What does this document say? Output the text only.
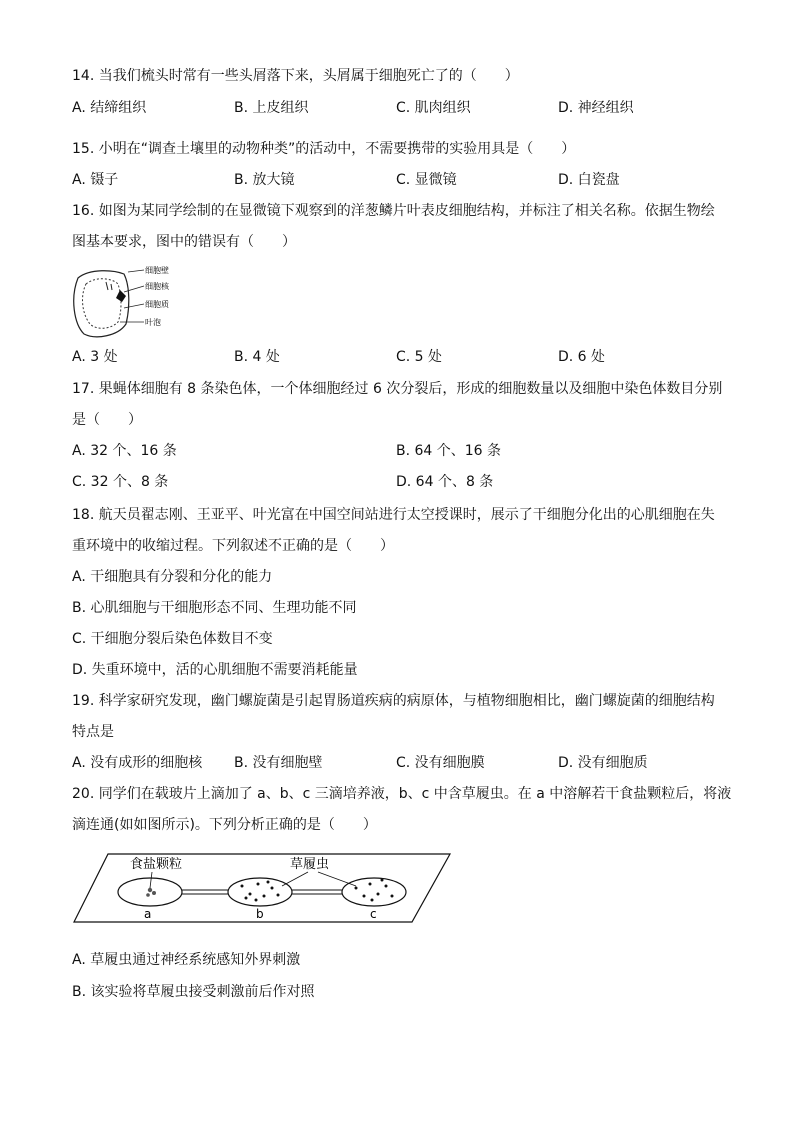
14. 当我们梳头时常有一些头屑落下来，头屑属于细胞死亡了的（　　）
A. 结缔组织	B. 上皮组织	C. 肌肉组织	D. 神经组织
15. 小明在“调查土壤里的动物种类”的活动中，不需要携带的实验用具是（　　）
A. 镊子	B. 放大镜	C. 显微镜	D. 白瓷盘
16. 如图为某同学绘制的在显微镜下观察到的洋葱鳞片叶表皮细胞结构，并标注了相关名称。依据生物绘
图基本要求，图中的错误有（　　）
细胞壁
细胞核
细胞质
叶泡
A. 3 处	B. 4 处	C. 5 处	D. 6 处
17. 果蝇体细胞有 8 条染色体，一个体细胞经过 6 次分裂后，形成的细胞数量以及细胞中染色体数目分别
是（　　）
A. 32 个、16 条	B. 64 个、16 条
C. 32 个、8 条	D. 64 个、8 条
18. 航天员翟志刚、王亚平、叶光富在中国空间站进行太空授课时，展示了干细胞分化出的心肌细胞在失
重环境中的收缩过程。下列叙述不正确的是（　　）
A. 干细胞具有分裂和分化的能力
B. 心肌细胞与干细胞形态不同、生理功能不同
C. 干细胞分裂后染色体数目不变
D. 失重环境中，活的心肌细胞不需要消耗能量
19. 科学家研究发现，幽门螺旋菌是引起胃肠道疾病的病原体，与植物细胞相比，幽门螺旋菌的细胞结构
特点是
A. 没有成形的细胞核 B. 没有细胞壁	C. 没有细胞膜	D. 没有细胞质
20. 同学们在载玻片上滴加了 a、b、c 三滴培养液，b、c 中含草履虫。在 a 中溶解若干食盐颗粒后，将液
滴连通(如如图所示)。下列分析正确的是（　　）
食盐颗粒	草履虫
a	b	c
A. 草履虫通过神经系统感知外界刺激
B. 该实验将草履虫接受刺激前后作对照
